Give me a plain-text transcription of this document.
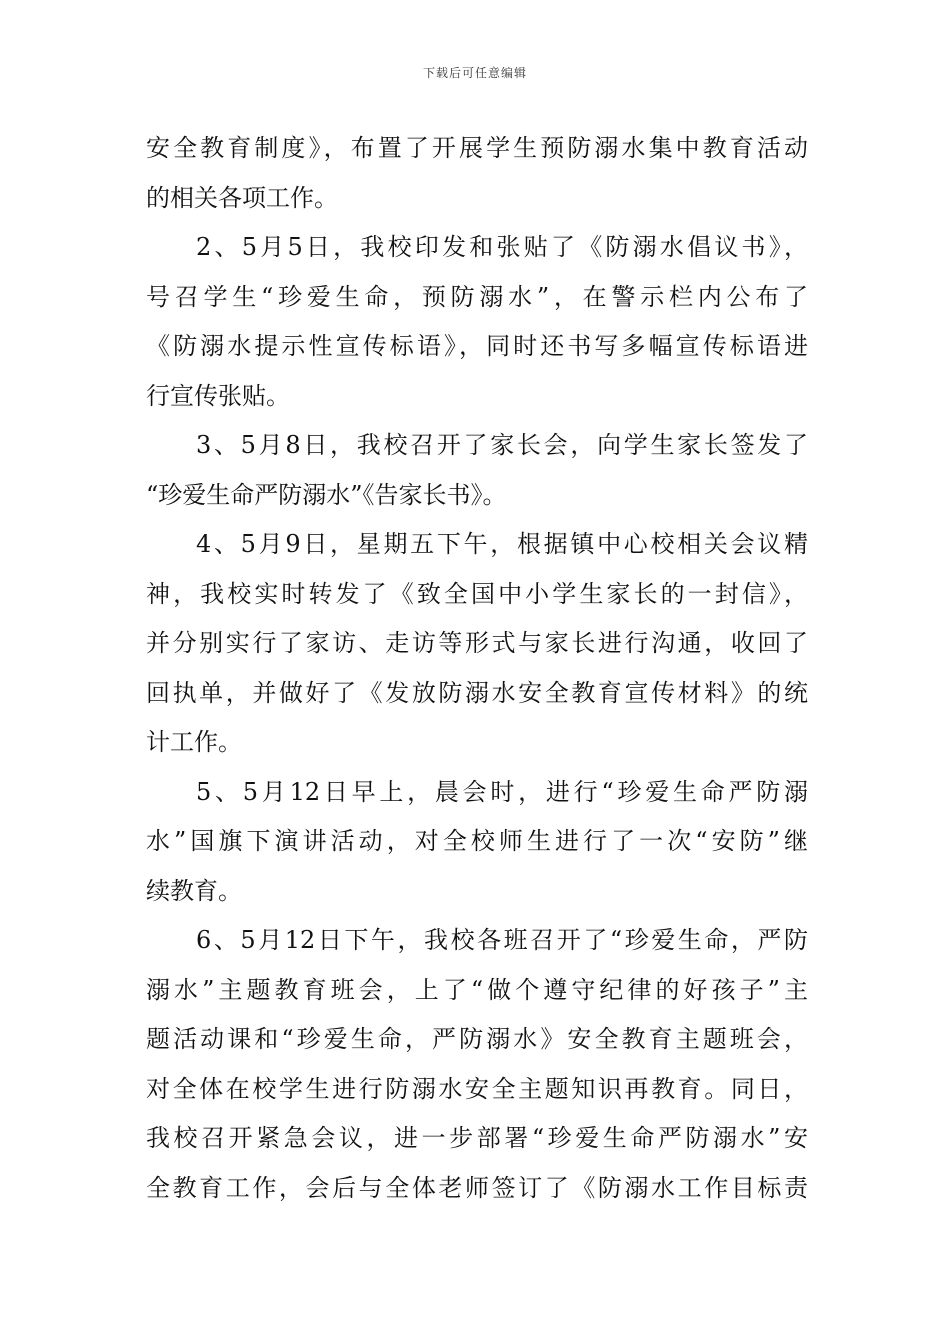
下载后可任意编辑
安全教育制度》，布置了开展学生预防溺水集中教育活动
的相关各项工作。
2、5月5日，我校印发和张贴了《防溺水倡议书》，
号召学生“珍爱生命，预防溺水”，在警示栏内公布了
《防溺水提示性宣传标语》，同时还书写多幅宣传标语进
行宣传张贴。
3、5月8日，我校召开了家长会，向学生家长签发了
“珍爱生命严防溺水”《告家长书》。
4、5月9日，星期五下午，根据镇中心校相关会议精
神，我校实时转发了《致全国中小学生家长的一封信》，
并分别实行了家访、走访等形式与家长进行沟通，收回了
回执单，并做好了《发放防溺水安全教育宣传材料》的统
计工作。
5、5月12日早上，晨会时，进行“珍爱生命严防溺
水”国旗下演讲活动，对全校师生进行了一次“安防”继
续教育。
6、5月12日下午，我校各班召开了“珍爱生命，严防
溺水”主题教育班会，上了“做个遵守纪律的好孩子”主
题活动课和“珍爱生命，严防溺水》安全教育主题班会，
对全体在校学生进行防溺水安全主题知识再教育。同日，
我校召开紧急会议，进一步部署“珍爱生命严防溺水”安
全教育工作，会后与全体老师签订了《防溺水工作目标责
